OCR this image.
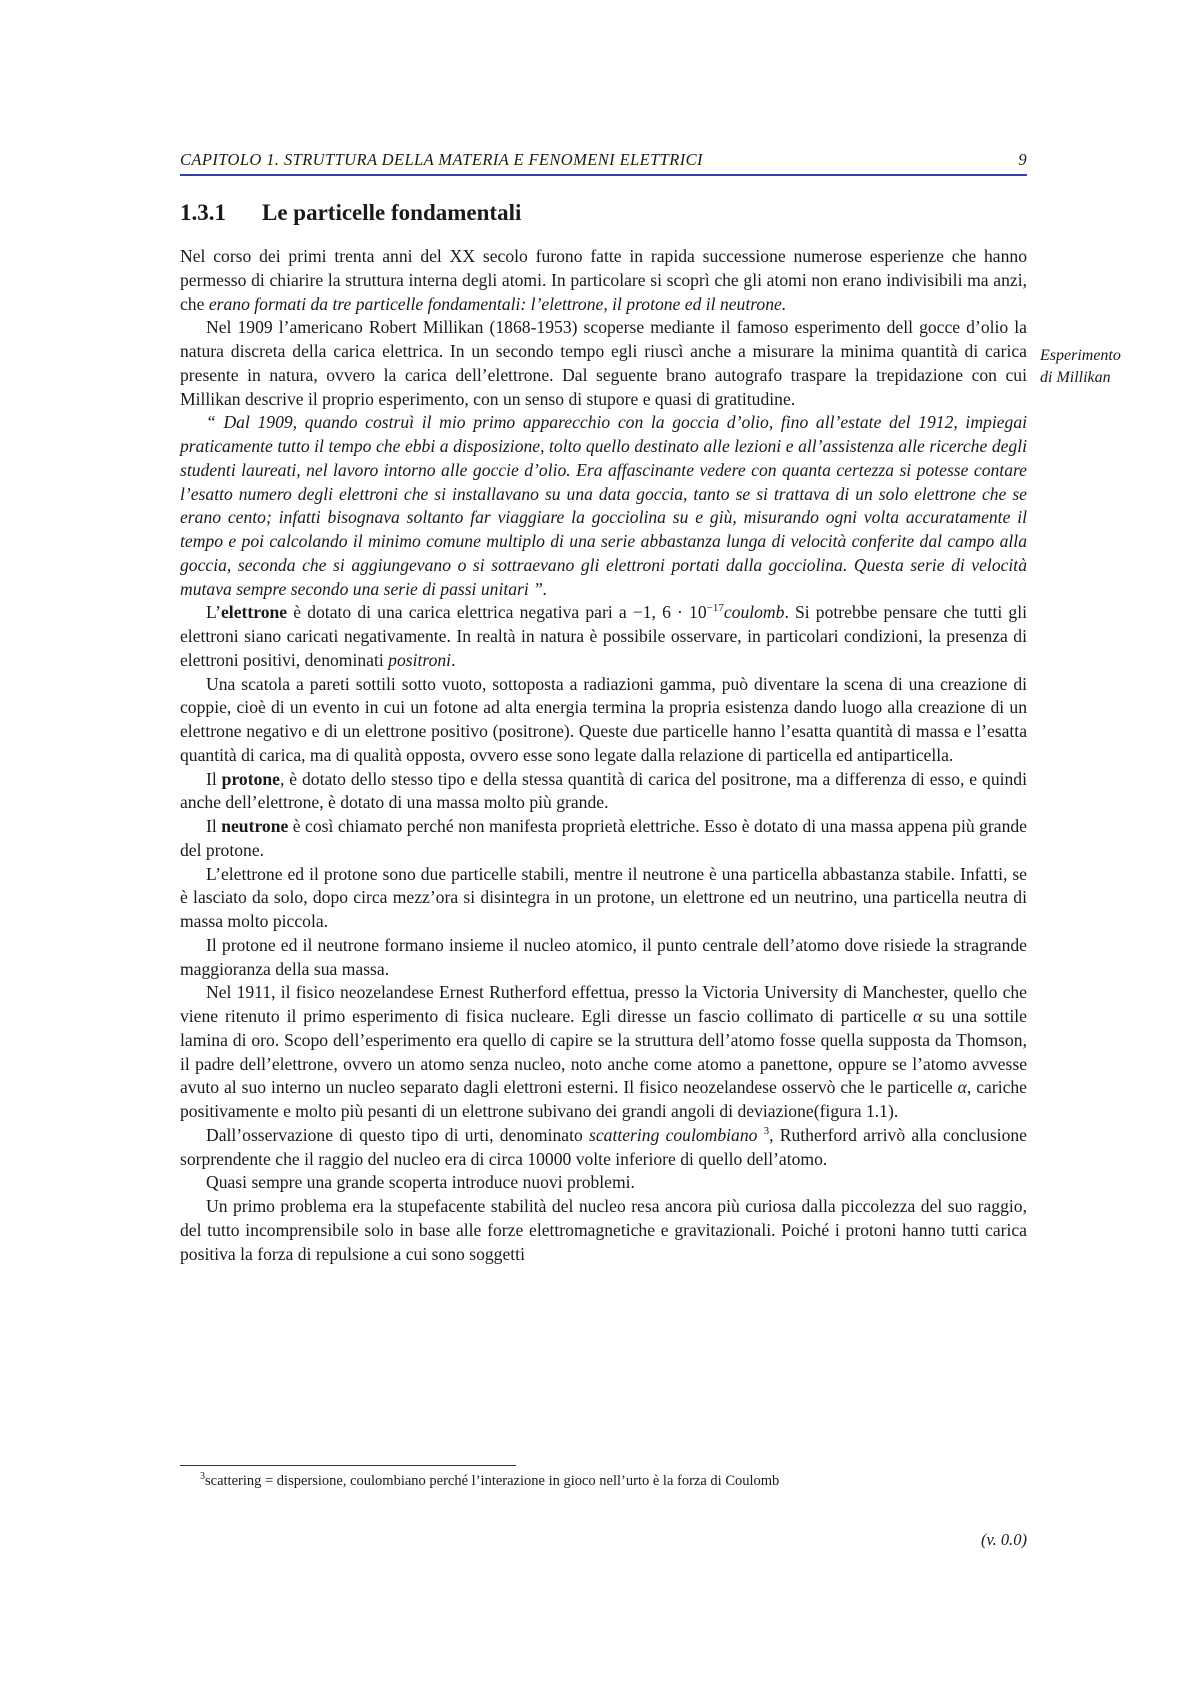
CAPITOLO 1. STRUTTURA DELLA MATERIA E FENOMENI ELETTRICI	9
1.3.1 Le particelle fondamentali
Esperimento
di Millikan

Nel corso dei primi trenta anni del XX secolo furono fatte in rapida successione numerose esperienze che hanno permesso di chiarire la struttura interna degli atomi. In particolare si scoprì che gli atomi non erano indivisibili ma anzi, che erano formati da tre particelle fondamentali: l’elettrone, il protone ed il neutrone.

Nel 1909 l’americano Robert Millikan (1868-1953) scoperse mediante il famoso esperimento dell gocce d’olio la natura discreta della carica elettrica. In un secondo tempo egli riuscì anche a misurare la minima quantità di carica presente in natura, ovvero la carica dell’elettrone. Dal seguente brano autografo traspare la trepidazione con cui Millikan descrive il proprio esperimento, con un senso di stupore e quasi di gratitudine.

“ Dal 1909, quando costruì il mio primo apparecchio con la goccia d’olio, fino all’estate del 1912, impiegai praticamente tutto il tempo che ebbi a disposizione, tolto quello destinato alle lezioni e all’assistenza alle ricerche degli studenti laureati, nel lavoro intorno alle goccie d’olio. Era affascinante vedere con quanta certezza si potesse contare l’esatto numero degli elettroni che si installavano su una data goccia, tanto se si trattava di un solo elettrone che se erano cento; infatti bisognava soltanto far viaggiare la gocciolina su e giù, misurando ogni volta accuratamente il tempo e poi calcolando il minimo comune multiplo di una serie abbastanza lunga di velocità conferite dal campo alla goccia, seconda che si aggiungevano o si sottraevano gli elettroni portati dalla gocciolina. Questa serie di velocità mutava sempre secondo una serie di passi unitari ”.

L’elettrone è dotato di una carica elettrica negativa pari a −1, $6 \cdot 10^{-17}coulomb$. Si potrebbe pensare che tutti gli elettroni siano caricati negativamente. In realtà in natura è possibile osservare, in particolari condizioni, la presenza di elettroni positivi, denominati positroni.

Una scatola a pareti sottili sotto vuoto, sottoposta a radiazioni gamma, può diventare la scena di una creazione di coppie, cioè di un evento in cui un fotone ad alta energia termina la propria esistenza dando luogo alla creazione di un elettrone negativo e di un elettrone positivo (positrone). Queste due particelle hanno l’esatta quantità di massa e l’esatta quantità di carica, ma di qualità opposta, ovvero esse sono legate dalla relazione di particella ed antiparticella.

Il protone, è dotato dello stesso tipo e della stessa quantità di carica del positrone, ma a differenza di esso, e quindi anche dell’elettrone, è dotato di una massa molto più grande.

Il neutrone è così chiamato perché non manifesta proprietà elettriche. Esso è dotato di una massa appena più grande del protone.

L’elettrone ed il protone sono due particelle stabili, mentre il neutrone è una particella abbastanza stabile. Infatti, se è lasciato da solo, dopo circa mezz’ora si disintegra in un protone, un elettrone ed un neutrino, una particella neutra di massa molto piccola.

Il protone ed il neutrone formano insieme il nucleo atomico, il punto centrale dell’atomo dove risiede la stragrande maggioranza della sua massa.

Nel 1911, il fisico neozelandese Ernest Rutherford effettua, presso la Victoria University di Manchester, quello che viene ritenuto il primo esperimento di fisica nucleare. Egli diresse un fascio collimato di particelle α su una sottile lamina di oro. Scopo dell’esperimento era quello di capire se la struttura dell’atomo fosse quella supposta da Thomson, il padre dell’elettrone, ovvero un atomo senza nucleo, noto anche come atomo a panettone, oppure se l’atomo avvesse avuto al suo interno un nucleo separato dagli elettroni esterni. Il fisico neozelandese osservò che le particelle α, cariche positivamente e molto più pesanti di un elettrone subivano dei grandi angoli di deviazione(figura 1.1).

Dall’osservazione di questo tipo di urti, denominato scattering coulombiano $^3$, Rutherford arrivò alla conclusione sorprendente che il raggio del nucleo era di circa 10000 volte inferiore di quello dell’atomo.

Quasi sempre una grande scoperta introduce nuovi problemi.

Un primo problema era la stupefacente stabilità del nucleo resa ancora più curiosa dalla piccolezza del suo raggio, del tutto incomprensibile solo in base alle forze elettromagnetiche e gravitazionali. Poiché i protoni hanno tutti carica positiva la forza di repulsione a cui sono soggetti

$^3$scattering = dispersione, coulombiano perché l’interazione in gioco nell’urto è la forza di Coulomb
(v. 0.0)
